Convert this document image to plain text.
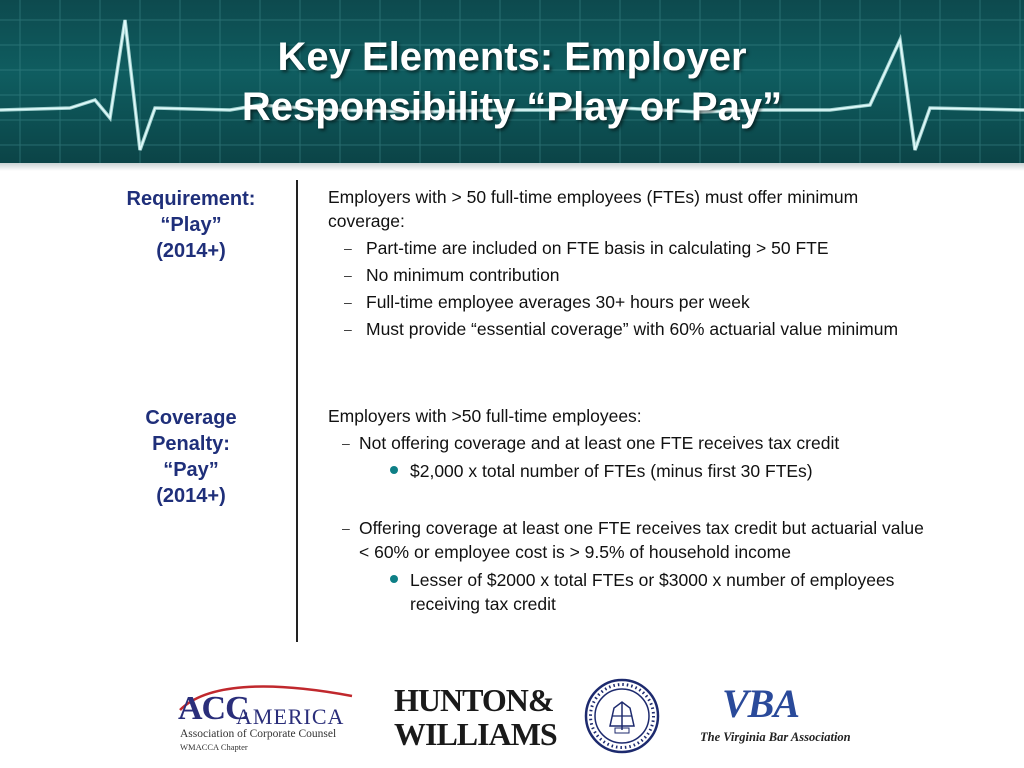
Key Elements: Employer
Responsibility “Play or Pay”
Requirement:
“Play”
(2014+)
Coverage
Penalty:
“Pay”
(2014+)

Employers with > 50 full-time employees (FTEs) must offer minimum coverage:

– Part-time are included on FTE basis in calculating > 50 FTE
– No minimum contribution
– Full-time employee averages 30+ hours per week
– Must provide “essential coverage” with 60% actuarial value minimum

Employers with >50 full-time employees:

– Not offering coverage and at least one FTE receives tax credit
$2,000 x total number of FTEs (minus first 30 FTEs)
– Offering coverage at least one FTE receives tax credit but actuarial value < 60% or employee cost is > 9.5% of household income
Lesser of $2000 x total FTEs or $3000 x number of employees receiving tax credit
ACC
AMERICA
Association of Corporate Counsel
WMACCA Chapter
HUNTON&
WILLIAMS
VBA
The Virginia Bar Association
